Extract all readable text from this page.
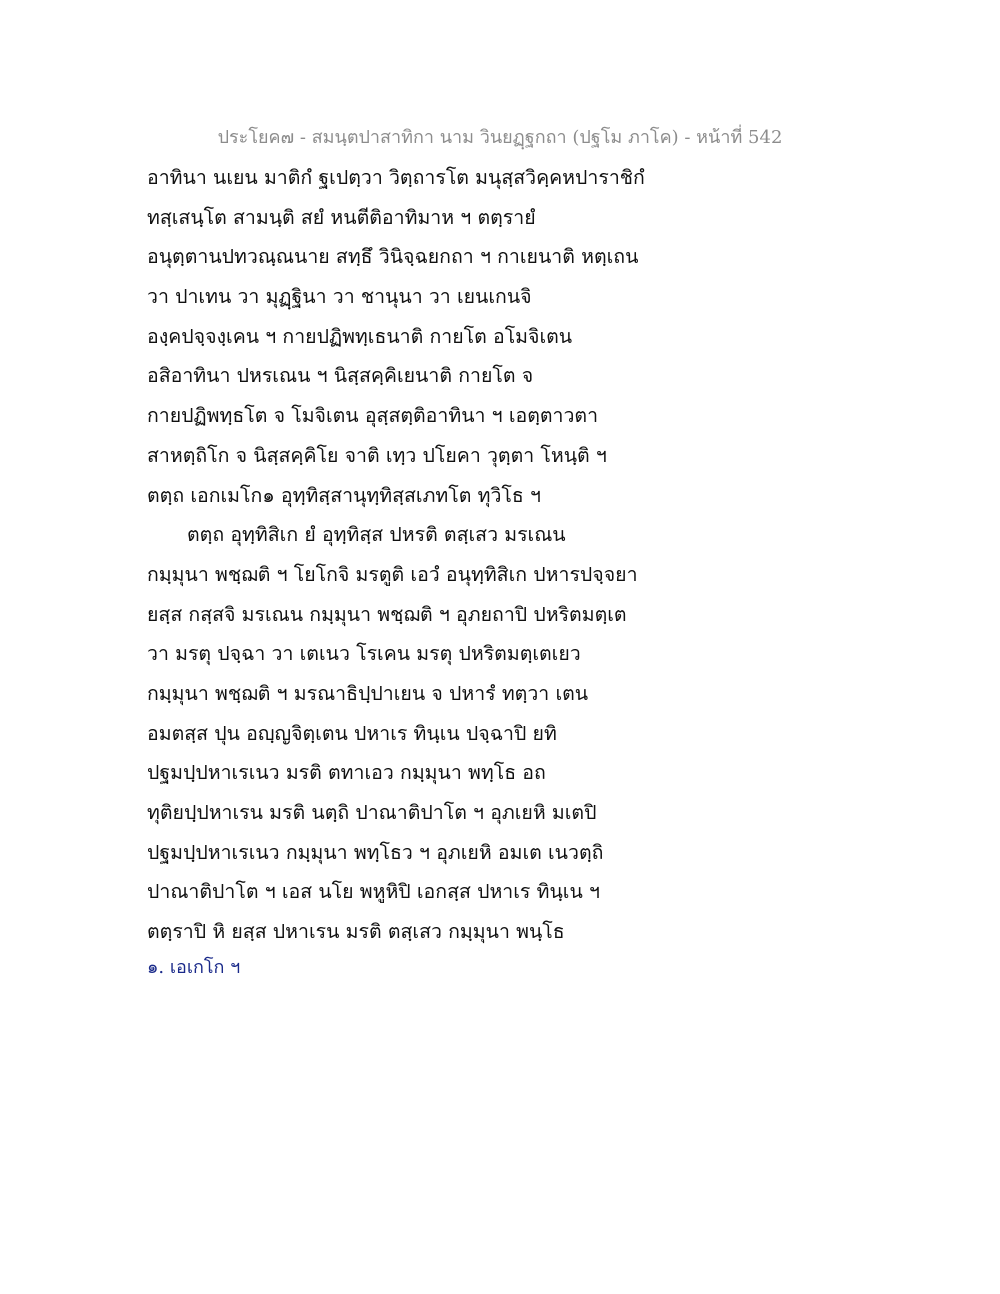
ประโยค๗ - สมนฺตปาสาทิกา นาม วินยฏฺฐกถา (ปฐโม ภาโค) - หน้าที่ 542
อาทินา นเยน มาติกํ ฐเปตฺวา วิตฺถารโต มนุสฺสวิคฺคหปาราชิกํ
ทสฺเสนฺโต สามนฺติ สยํ หนตีติอาทิมาห ฯ ตตฺรายํ
อนุตฺตานปทวณฺณนาย สทฺธึ วินิจฺฉยกถา ฯ กาเยนาติ หตฺเถน
วา ปาเทน วา มุฏฺฐินา วา ชานุนา วา เยนเกนจิ
องฺคปจฺจงฺเคน ฯ กายปฏิพทฺเธนาติ กายโต อโมจิเตน
อสิอาทินา ปหรเณน ฯ นิสฺสคฺคิเยนาติ กายโต จ
กายปฏิพทฺธโต จ โมจิเตน อุสฺสตฺติอาทินา ฯ เอตฺตาวตา
สาหตฺถิโก จ นิสฺสคฺคิโย จาติ เทฺว ปโยคา วุตฺตา โหนฺติ ฯ
ตตฺถ เอกเมโก๑ อุทฺทิสฺสานุทฺทิสฺสเภทโต ทุวิโธ ฯ
ตตฺถ อุทฺทิสิเก ยํ อุทฺทิสฺส ปหรติ ตสฺเสว มรเณน
กมฺมุนา พชฺฌติ ฯ โยโกจิ มรตูติ เอวํ อนุทฺทิสิเก ปหารปจฺจยา
ยสฺส กสฺสจิ มรเณน กมฺมุนา พชฺฌติ ฯ อุภยถาปิ ปหริตมตฺเต
วา มรตุ ปจฺฉา วา เตเนว โรเคน มรตุ ปหริตมตฺเตเยว
กมฺมุนา พชฺฌติ ฯ มรณาธิปฺปาเยน จ ปหารํ ทตฺวา เตน
อมตสฺส ปุน อญฺญจิตฺเตน ปหาเร ทินฺเน ปจฺฉาปิ ยทิ
ปฐมปฺปหาเรเนว มรติ ตทาเอว กมฺมุนา พทฺโธ อถ
ทุติยปฺปหาเรน มรติ นตฺถิ ปาณาติปาโต ฯ อุภเยหิ มเตปิ
ปฐมปฺปหาเรเนว กมฺมุนา พทฺโธว ฯ อุภเยหิ อมเต เนวตฺถิ
ปาณาติปาโต ฯ เอส นโย พหูหิปิ เอกสฺส ปหาเร ทินฺเน ฯ
ตตฺราปิ หิ ยสฺส ปหาเรน มรติ ตสฺเสว กมฺมุนา พนฺโธ
๑. เอเกโก ฯ
